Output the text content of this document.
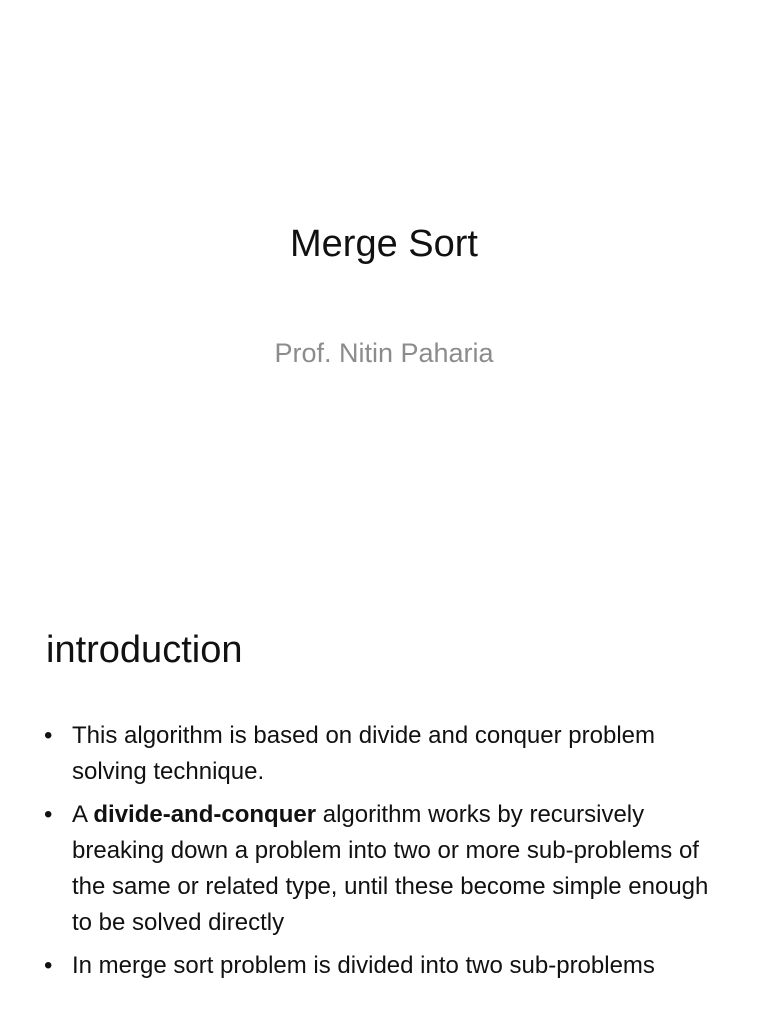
Merge Sort
Prof. Nitin Paharia
introduction
• This algorithm is based on divide and conquer problem solving technique.
• A divide-and-conquer algorithm works by recursively breaking down a problem into two or more sub-problems of the same or related type, until these become simple enough to be solved directly
• In merge sort problem is divided into two sub-problems
